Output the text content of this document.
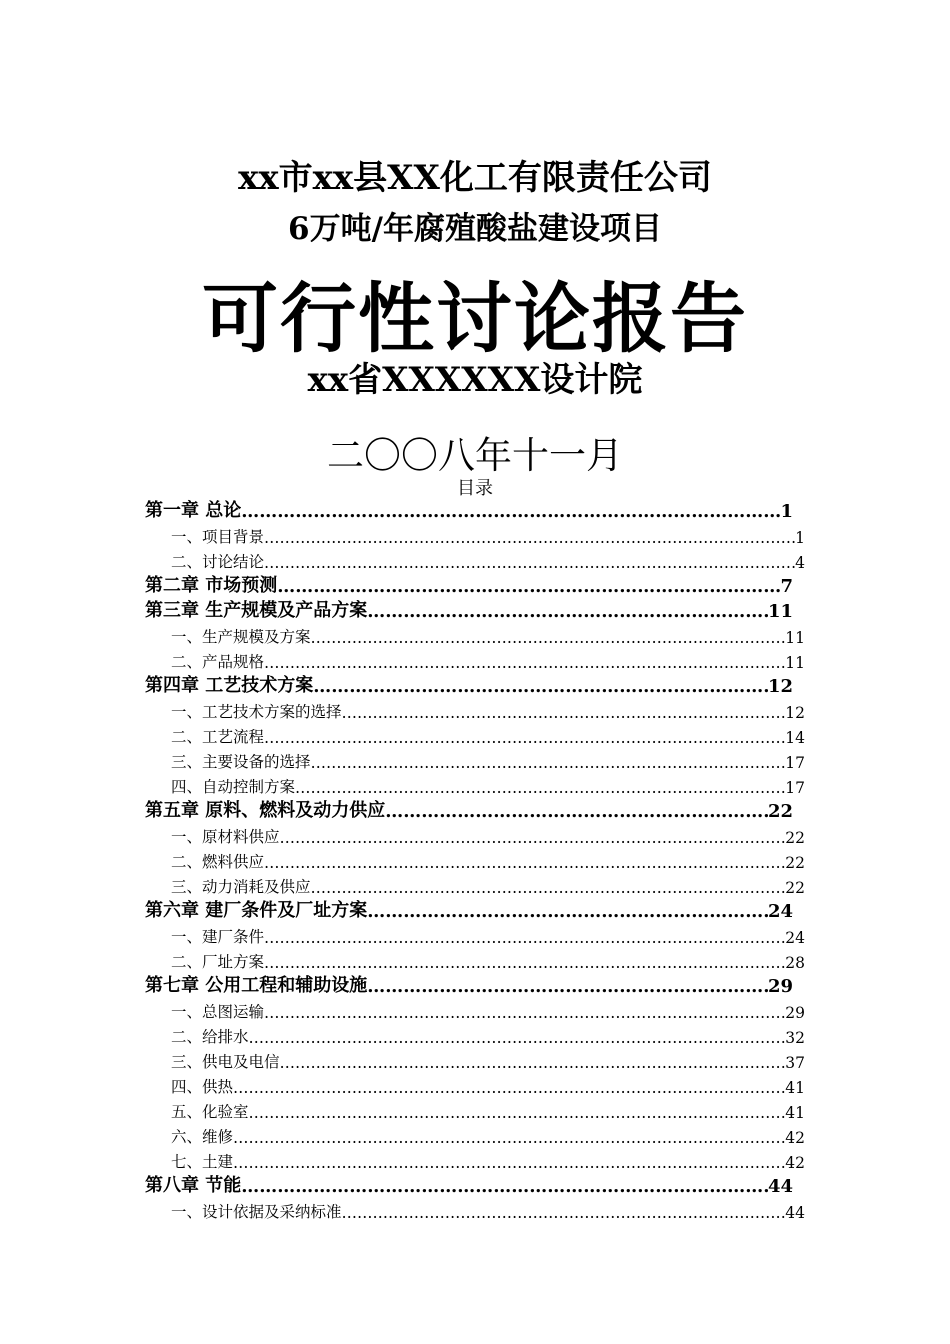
xx市xx县XX化工有限责任公司
6万吨/年腐殖酸盐建设项目
可行性讨论报告
xx省XXXXXX设计院
二〇〇八年十一月
目录
第一章 总论 ……………………………………………………………………………………………………………………………………………………………………………………………………………………	1
一、项目背景 ……………………………………………………………………………………………………………………………………………………………………………………………………………………	1
二、讨论结论 ……………………………………………………………………………………………………………………………………………………………………………………………………………………	4
第二章 市场预测 ……………………………………………………………………………………………………………………………………………………………………………………………………………………	7
第三章 生产规模及产品方案 ……………………………………………………………………………………………………………………………………………………………………………………………………………………	11
一、生产规模及方案 ……………………………………………………………………………………………………………………………………………………………………………………………………………………	11
二、产品规格 ……………………………………………………………………………………………………………………………………………………………………………………………………………………	11
第四章 工艺技术方案 ……………………………………………………………………………………………………………………………………………………………………………………………………………………	12
一、工艺技术方案的选择 ……………………………………………………………………………………………………………………………………………………………………………………………………………………	12
二、工艺流程 ……………………………………………………………………………………………………………………………………………………………………………………………………………………	14
三、主要设备的选择 ……………………………………………………………………………………………………………………………………………………………………………………………………………………	17
四、自动控制方案 ……………………………………………………………………………………………………………………………………………………………………………………………………………………	17
第五章 原料、燃料及动力供应 ……………………………………………………………………………………………………………………………………………………………………………………………………………………	22
一、原材料供应 ……………………………………………………………………………………………………………………………………………………………………………………………………………………	22
二、燃料供应 ……………………………………………………………………………………………………………………………………………………………………………………………………………………	22
三、动力消耗及供应 ……………………………………………………………………………………………………………………………………………………………………………………………………………………	22
第六章 建厂条件及厂址方案 ……………………………………………………………………………………………………………………………………………………………………………………………………………………	24
一、建厂条件 ……………………………………………………………………………………………………………………………………………………………………………………………………………………	24
二、厂址方案 ……………………………………………………………………………………………………………………………………………………………………………………………………………………	28
第七章 公用工程和辅助设施 ……………………………………………………………………………………………………………………………………………………………………………………………………………………	29
一、总图运输 ……………………………………………………………………………………………………………………………………………………………………………………………………………………	29
二、给排水 ……………………………………………………………………………………………………………………………………………………………………………………………………………………	32
三、供电及电信 ……………………………………………………………………………………………………………………………………………………………………………………………………………………	37
四、供热 ……………………………………………………………………………………………………………………………………………………………………………………………………………………	41
五、化验室 ……………………………………………………………………………………………………………………………………………………………………………………………………………………	41
六、维修 ……………………………………………………………………………………………………………………………………………………………………………………………………………………	42
七、土建 ……………………………………………………………………………………………………………………………………………………………………………………………………………………	42
第八章 节能 ……………………………………………………………………………………………………………………………………………………………………………………………………………………	44
一、设计依据及采纳标准 ……………………………………………………………………………………………………………………………………………………………………………………………………………………	44
